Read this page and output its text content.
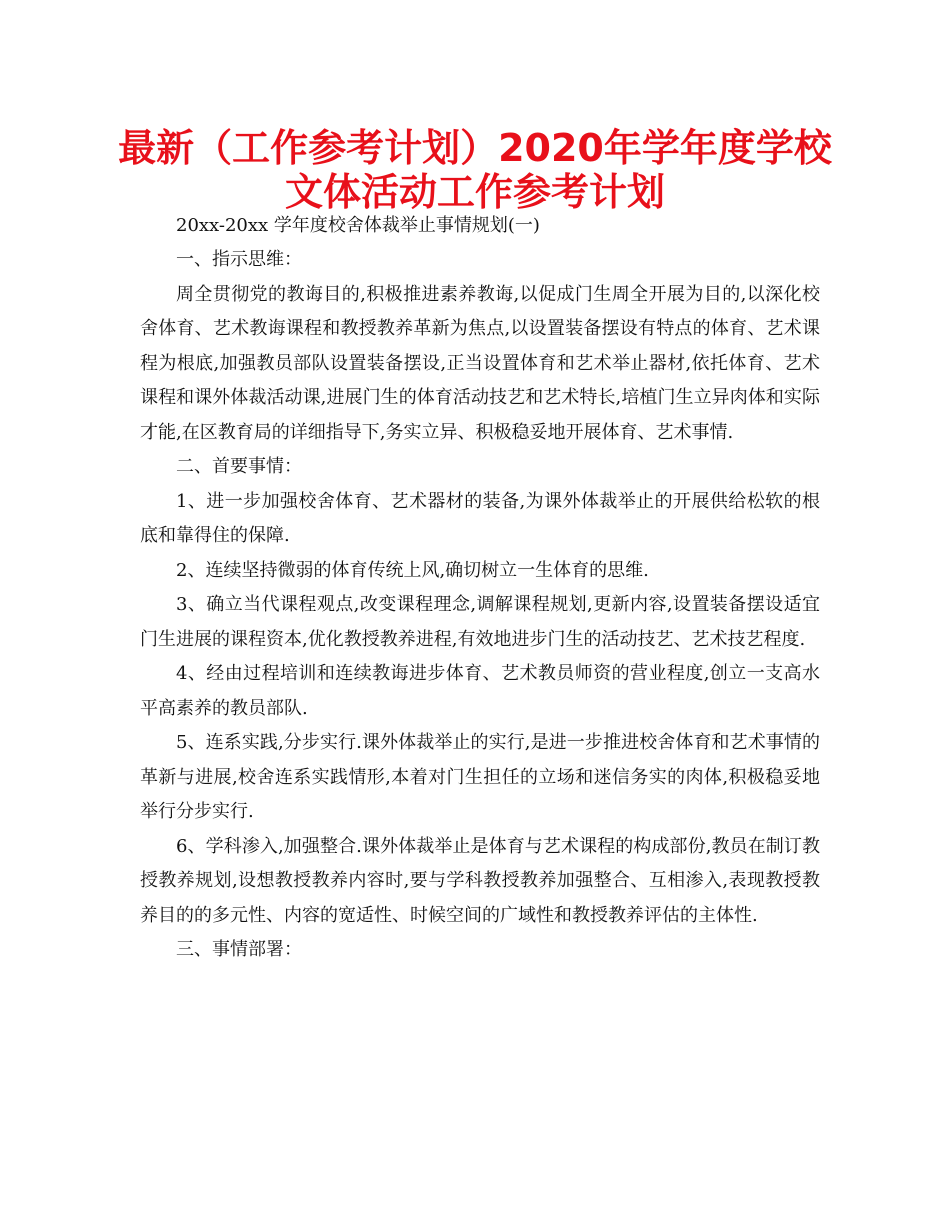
最新（工作参考计划）2020年学年度学校
文体活动工作参考计划
20xx-20xx 学年度校舍体裁举止事情规划(一)

一、指示思维：

周全贯彻党的教诲目的,积极推进素养教诲,以促成门生周全开展为目的,以深化校舍体育、艺术教诲课程和教授教养革新为焦点,以设置装备摆设有特点的体育、艺术课程为根底,加强教员部队设置装备摆设,正当设置体育和艺术举止器材,依托体育、艺术课程和课外体裁活动课,进展门生的体育活动技艺和艺术特长,培植门生立异肉体和实际才能,在区教育局的详细指导下,务实立异、积极稳妥地开展体育、艺术事情.

二、首要事情：

1、进一步加强校舍体育、艺术器材的装备,为课外体裁举止的开展供给松软的根底和靠得住的保障.

2、连续坚持微弱的体育传统上风,确切树立一生体育的思维.

3、确立当代课程观点,改变课程理念,调解课程规划,更新内容,设置装备摆设适宜门生进展的课程资本,优化教授教养进程,有效地进步门生的活动技艺、艺术技艺程度.

4、经由过程培训和连续教诲进步体育、艺术教员师资的营业程度,创立一支高水平高素养的教员部队.

5、连系实践,分步实行.课外体裁举止的实行,是进一步推进校舍体育和艺术事情的革新与进展,校舍连系实践情形,本着对门生担任的立场和迷信务实的肉体,积极稳妥地举行分步实行.

6、学科渗入,加强整合.课外体裁举止是体育与艺术课程的构成部份,教员在制订教授教养规划,设想教授教养内容时,要与学科教授教养加强整合、互相渗入,表现教授教养目的的多元性、内容的宽适性、时候空间的广域性和教授教养评估的主体性.

三、事情部署：
